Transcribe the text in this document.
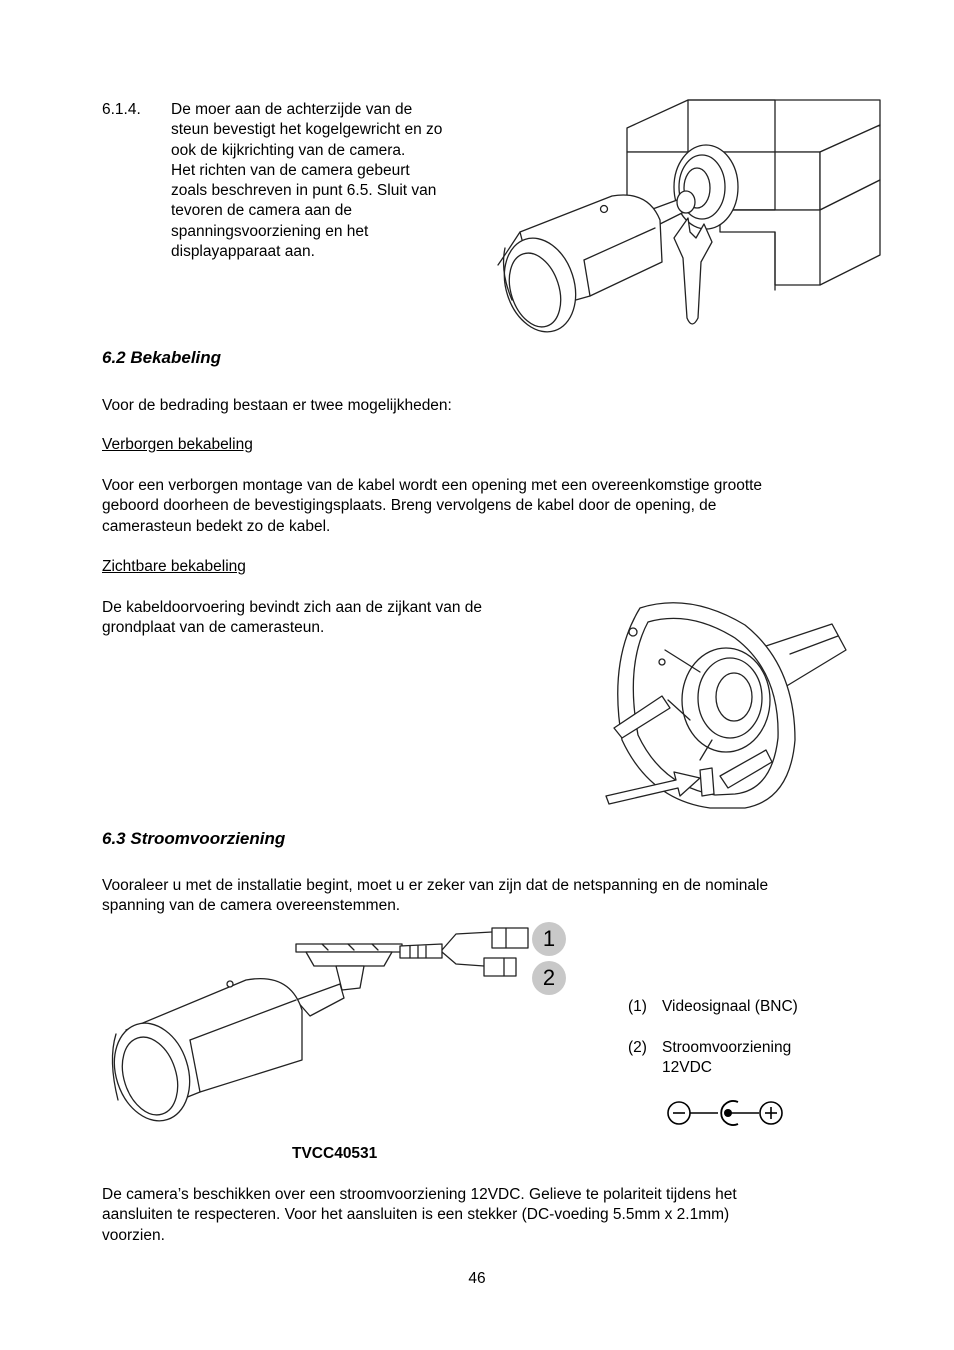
6.1.4. De moer aan de achterzijde van de
steun bevestigt het kogelgewricht en zo
ook de kijkrichting van de camera.
Het richten van de camera gebeurt
zoals beschreven in punt 6.5. Sluit van
tevoren de camera aan de
spanningsvoorziening en het
displayapparaat aan.
6.2 Bekabeling
Voor de bedrading bestaan er twee mogelijkheden:
Verborgen bekabeling
Voor een verborgen montage van de kabel wordt een opening met een overeenkomstige grootte
geboord doorheen de bevestigingsplaats. Breng vervolgens de kabel door de opening, de
camerasteun bedekt zo de kabel.
Zichtbare bekabeling
De kabeldoorvoering bevindt zich aan de zijkant van de
grondplaat van de camerasteun.
6.3 Stroomvoorziening
Vooraleer u met de installatie begint, moet u er zeker van zijn dat de netspanning en de nominale
spanning van de camera overeenstemmen.
1
2
(1) Videosignaal (BNC)
(2) Stroomvoorziening
12VDC
TVCC40531
De camera’s beschikken over een stroomvoorziening 12VDC. Gelieve te polariteit tijdens het
aansluiten te respecteren. Voor het aansluiten is een stekker (DC-voeding 5.5mm x 2.1mm)
voorzien.
46
